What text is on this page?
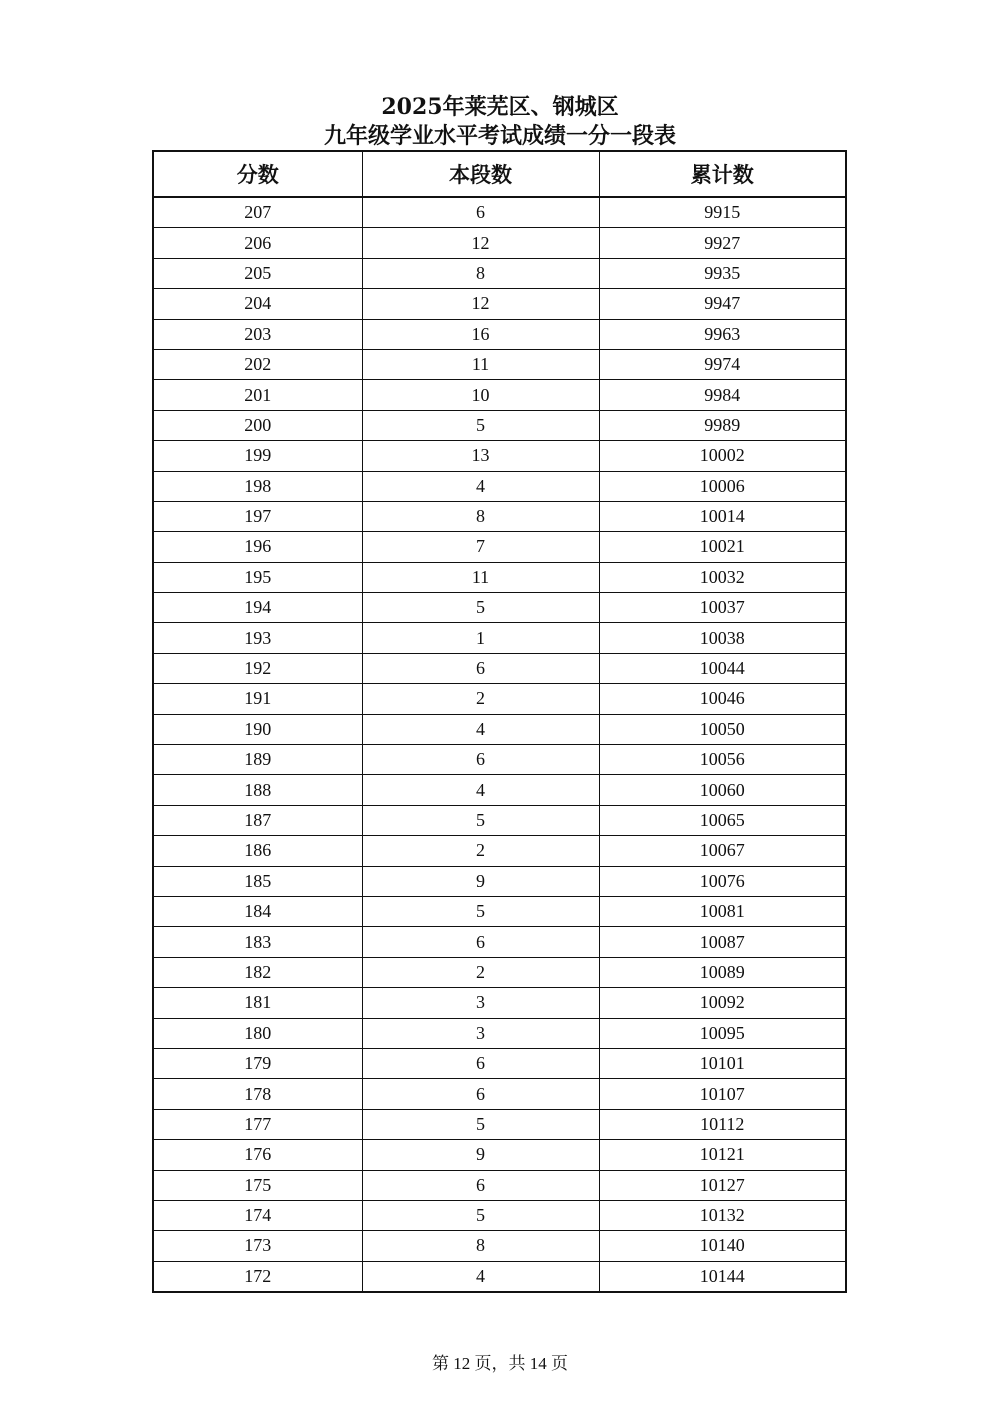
2025年莱芜区、钢城区
九年级学业水平考试成绩一分一段表
分数	本段数	累计数
207	6	9915
206	12	9927
205	8	9935
204	12	9947
203	16	9963
202	11	9974
201	10	9984
200	5	9989
199	13	10002
198	4	10006
197	8	10014
196	7	10021
195	11	10032
194	5	10037
193	1	10038
192	6	10044
191	2	10046
190	4	10050
189	6	10056
188	4	10060
187	5	10065
186	2	10067
185	9	10076
184	5	10081
183	6	10087
182	2	10089
181	3	10092
180	3	10095
179	6	10101
178	6	10107
177	5	10112
176	9	10121
175	6	10127
174	5	10132
173	8	10140
172	4	10144
第 12 页，共 14 页
